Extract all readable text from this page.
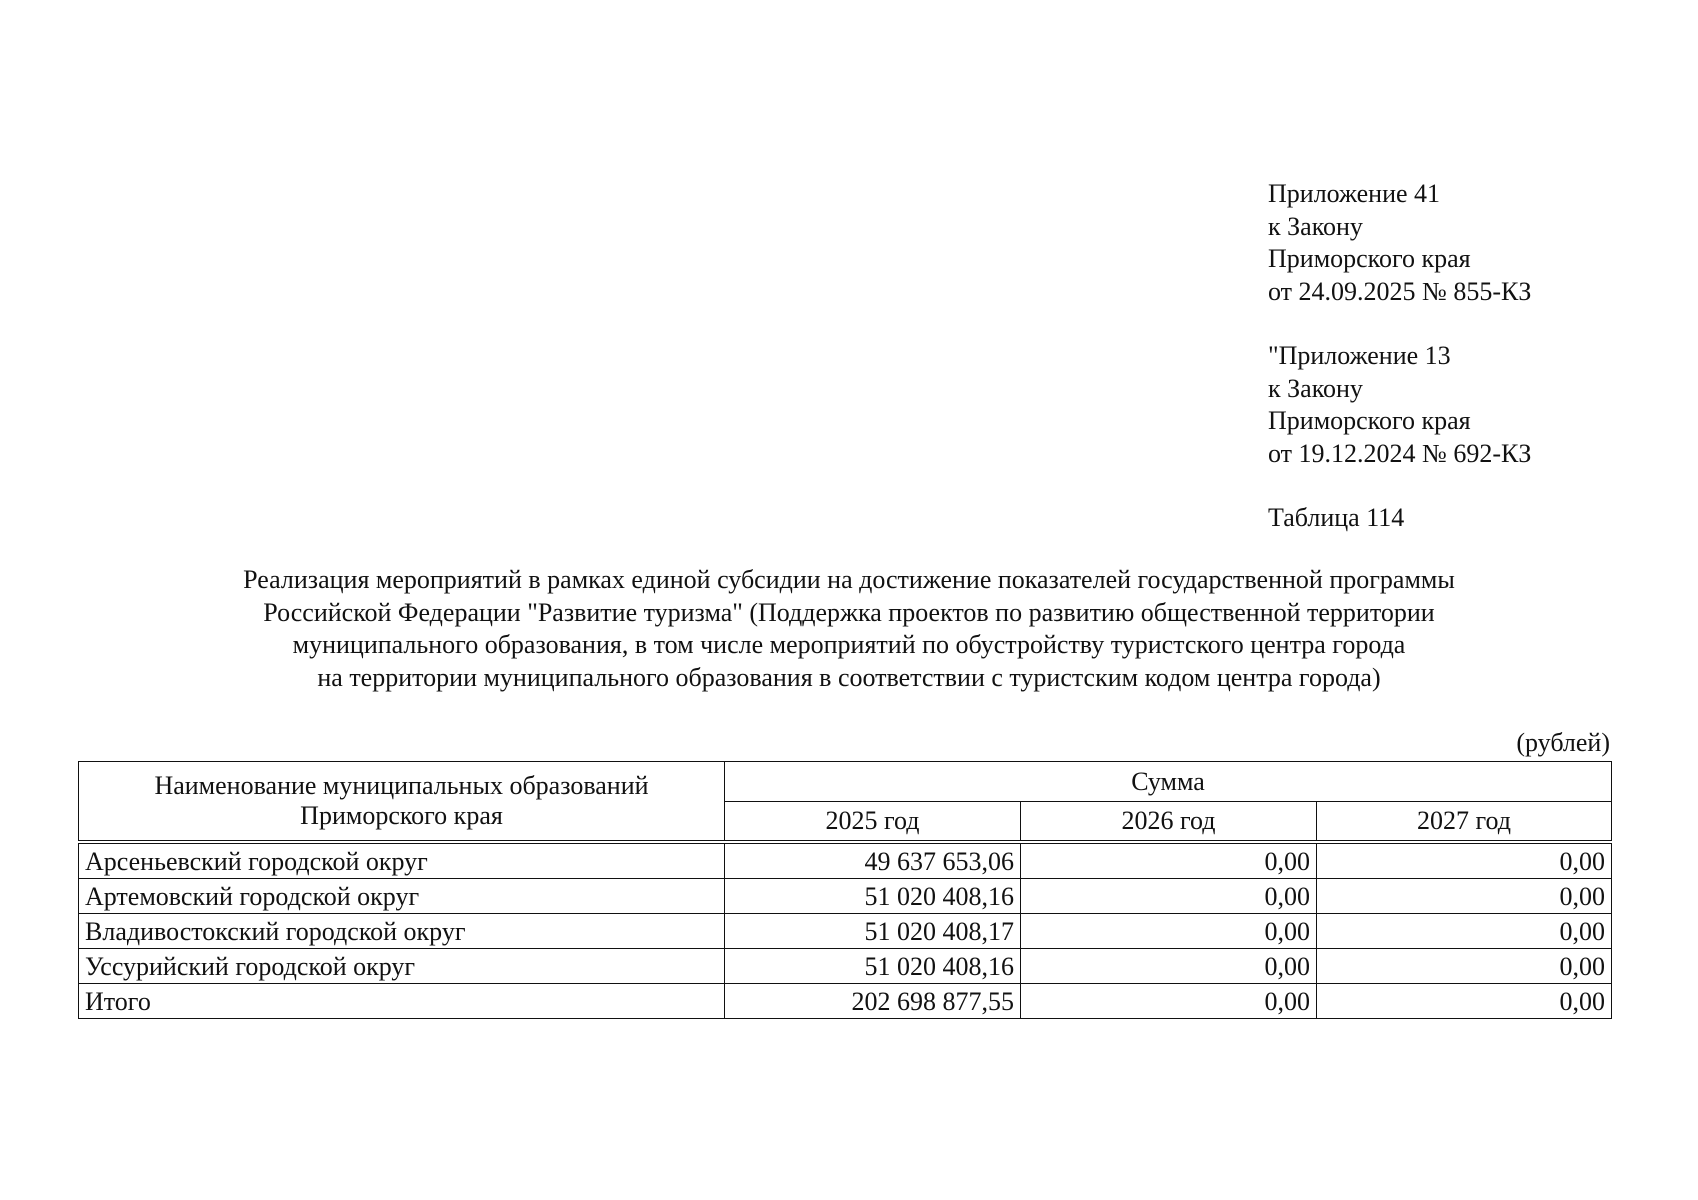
Приложение 41
к Закону
Приморского края
от 24.09.2025 № 855-КЗ
"Приложение 13
к Закону
Приморского края
от 19.12.2024 № 692-КЗ
Таблица 114
Реализация мероприятий в рамках единой субсидии на достижение показателей государственной программы
Российской Федерации "Развитие туризма" (Поддержка проектов по развитию общественной территории
муниципального образования, в том числе мероприятий по обустройству туристского центра города
на территории муниципального образования в соответствии с туристским кодом центра города)
(рублей)
Наименование муниципальных образований
Приморского края	Сумма		
	2025 год	2026 год	2027 год
Арсеньевский городской округ	49 637 653,06	0,00	0,00
Артемовский городской округ	51 020 408,16	0,00	0,00
Владивостокский городской округ	51 020 408,17	0,00	0,00
Уссурийский городской округ	51 020 408,16	0,00	0,00
Итого	202 698 877,55	0,00	0,00
